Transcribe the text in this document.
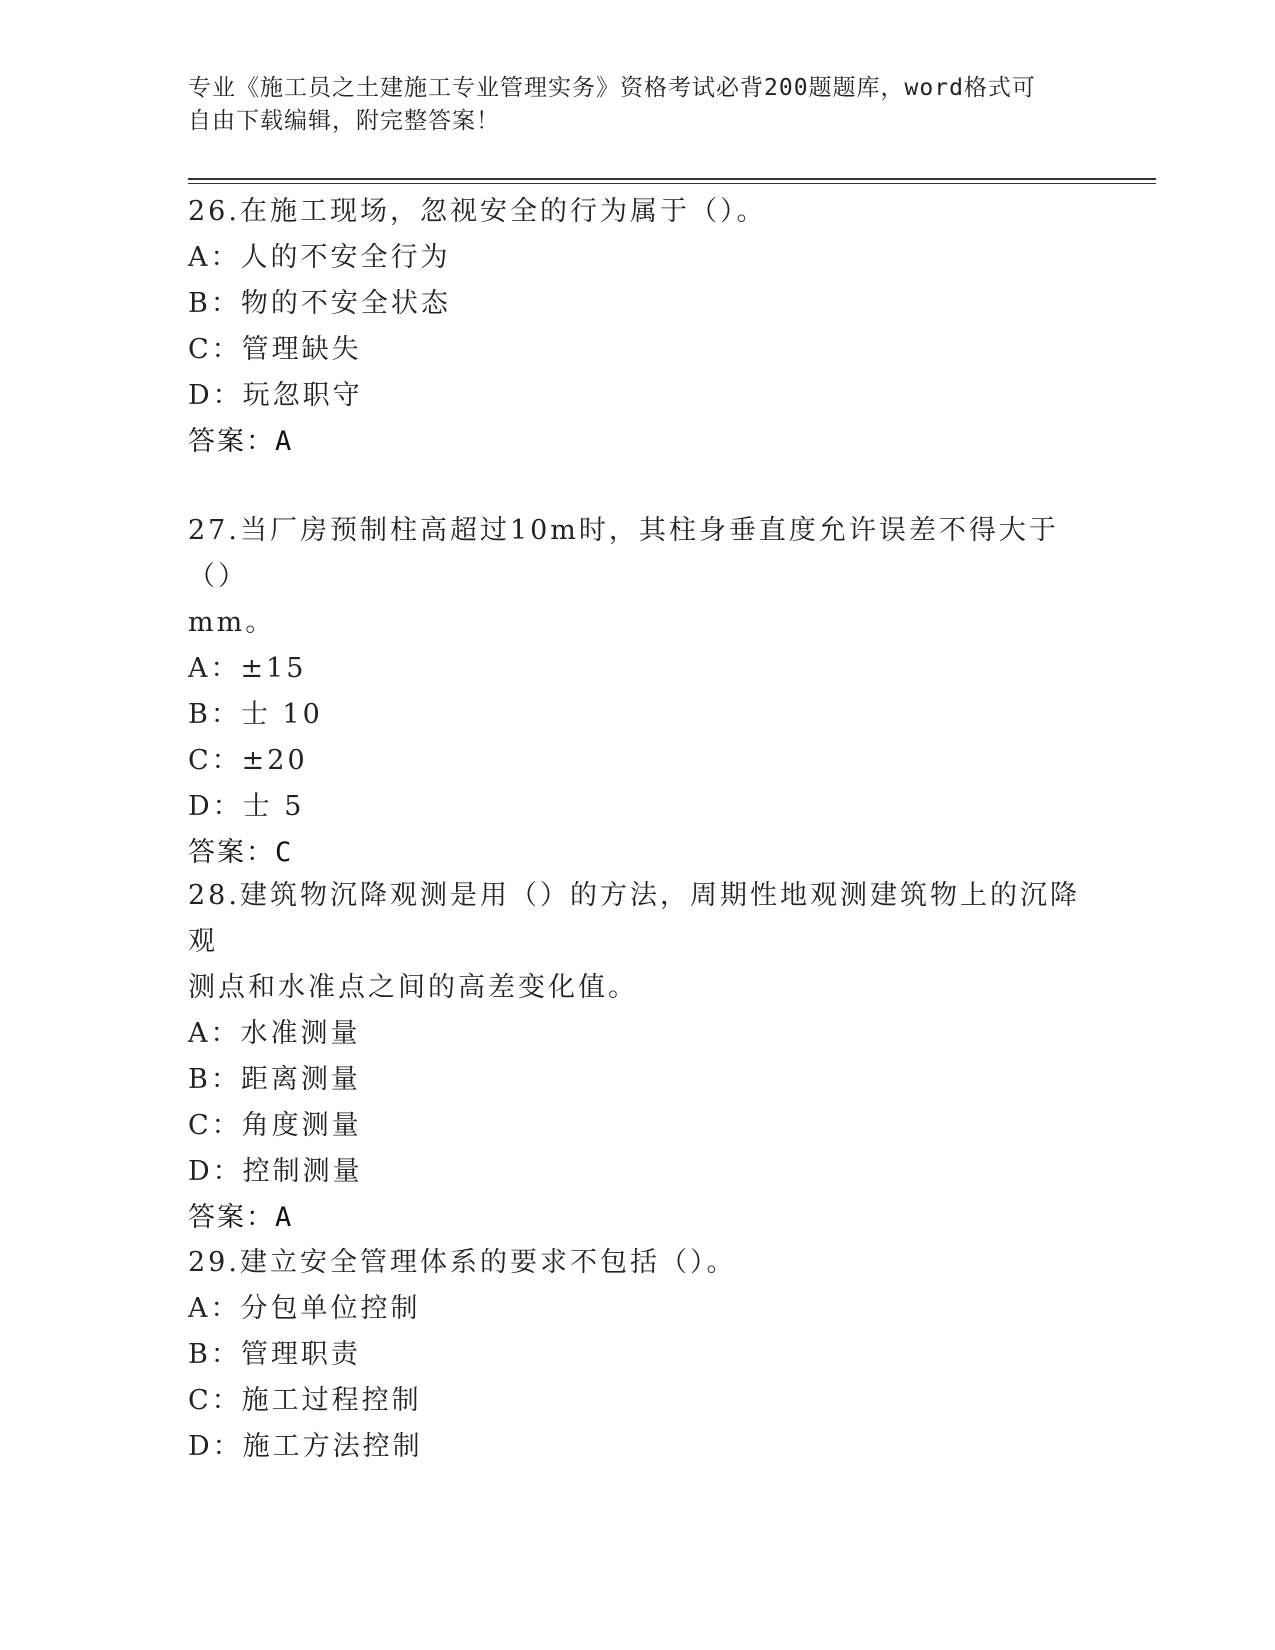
专业《施工员之土建施工专业管理实务》资格考试必背200题题库，word格式可
自由下载编辑，附完整答案！

26.在施工现场，忽视安全的行为属于（）。

A：人的不安全行为

B：物的不安全状态

C：管理缺失

D：玩忽职守

答案：A

27.当厂房预制柱高超过10m时，其柱身垂直度允许误差不得大于（）

mm。

A：±15

B：士 10

C：±20

D：士 5

答案：C

28.建筑物沉降观测是用（）的方法，周期性地观测建筑物上的沉降观

测点和水准点之间的高差变化值。

A：水准测量

B：距离测量

C：角度测量

D：控制测量

答案：A

29.建立安全管理体系的要求不包括（）。

A：分包单位控制

B：管理职责

C：施工过程控制

D：施工方法控制
